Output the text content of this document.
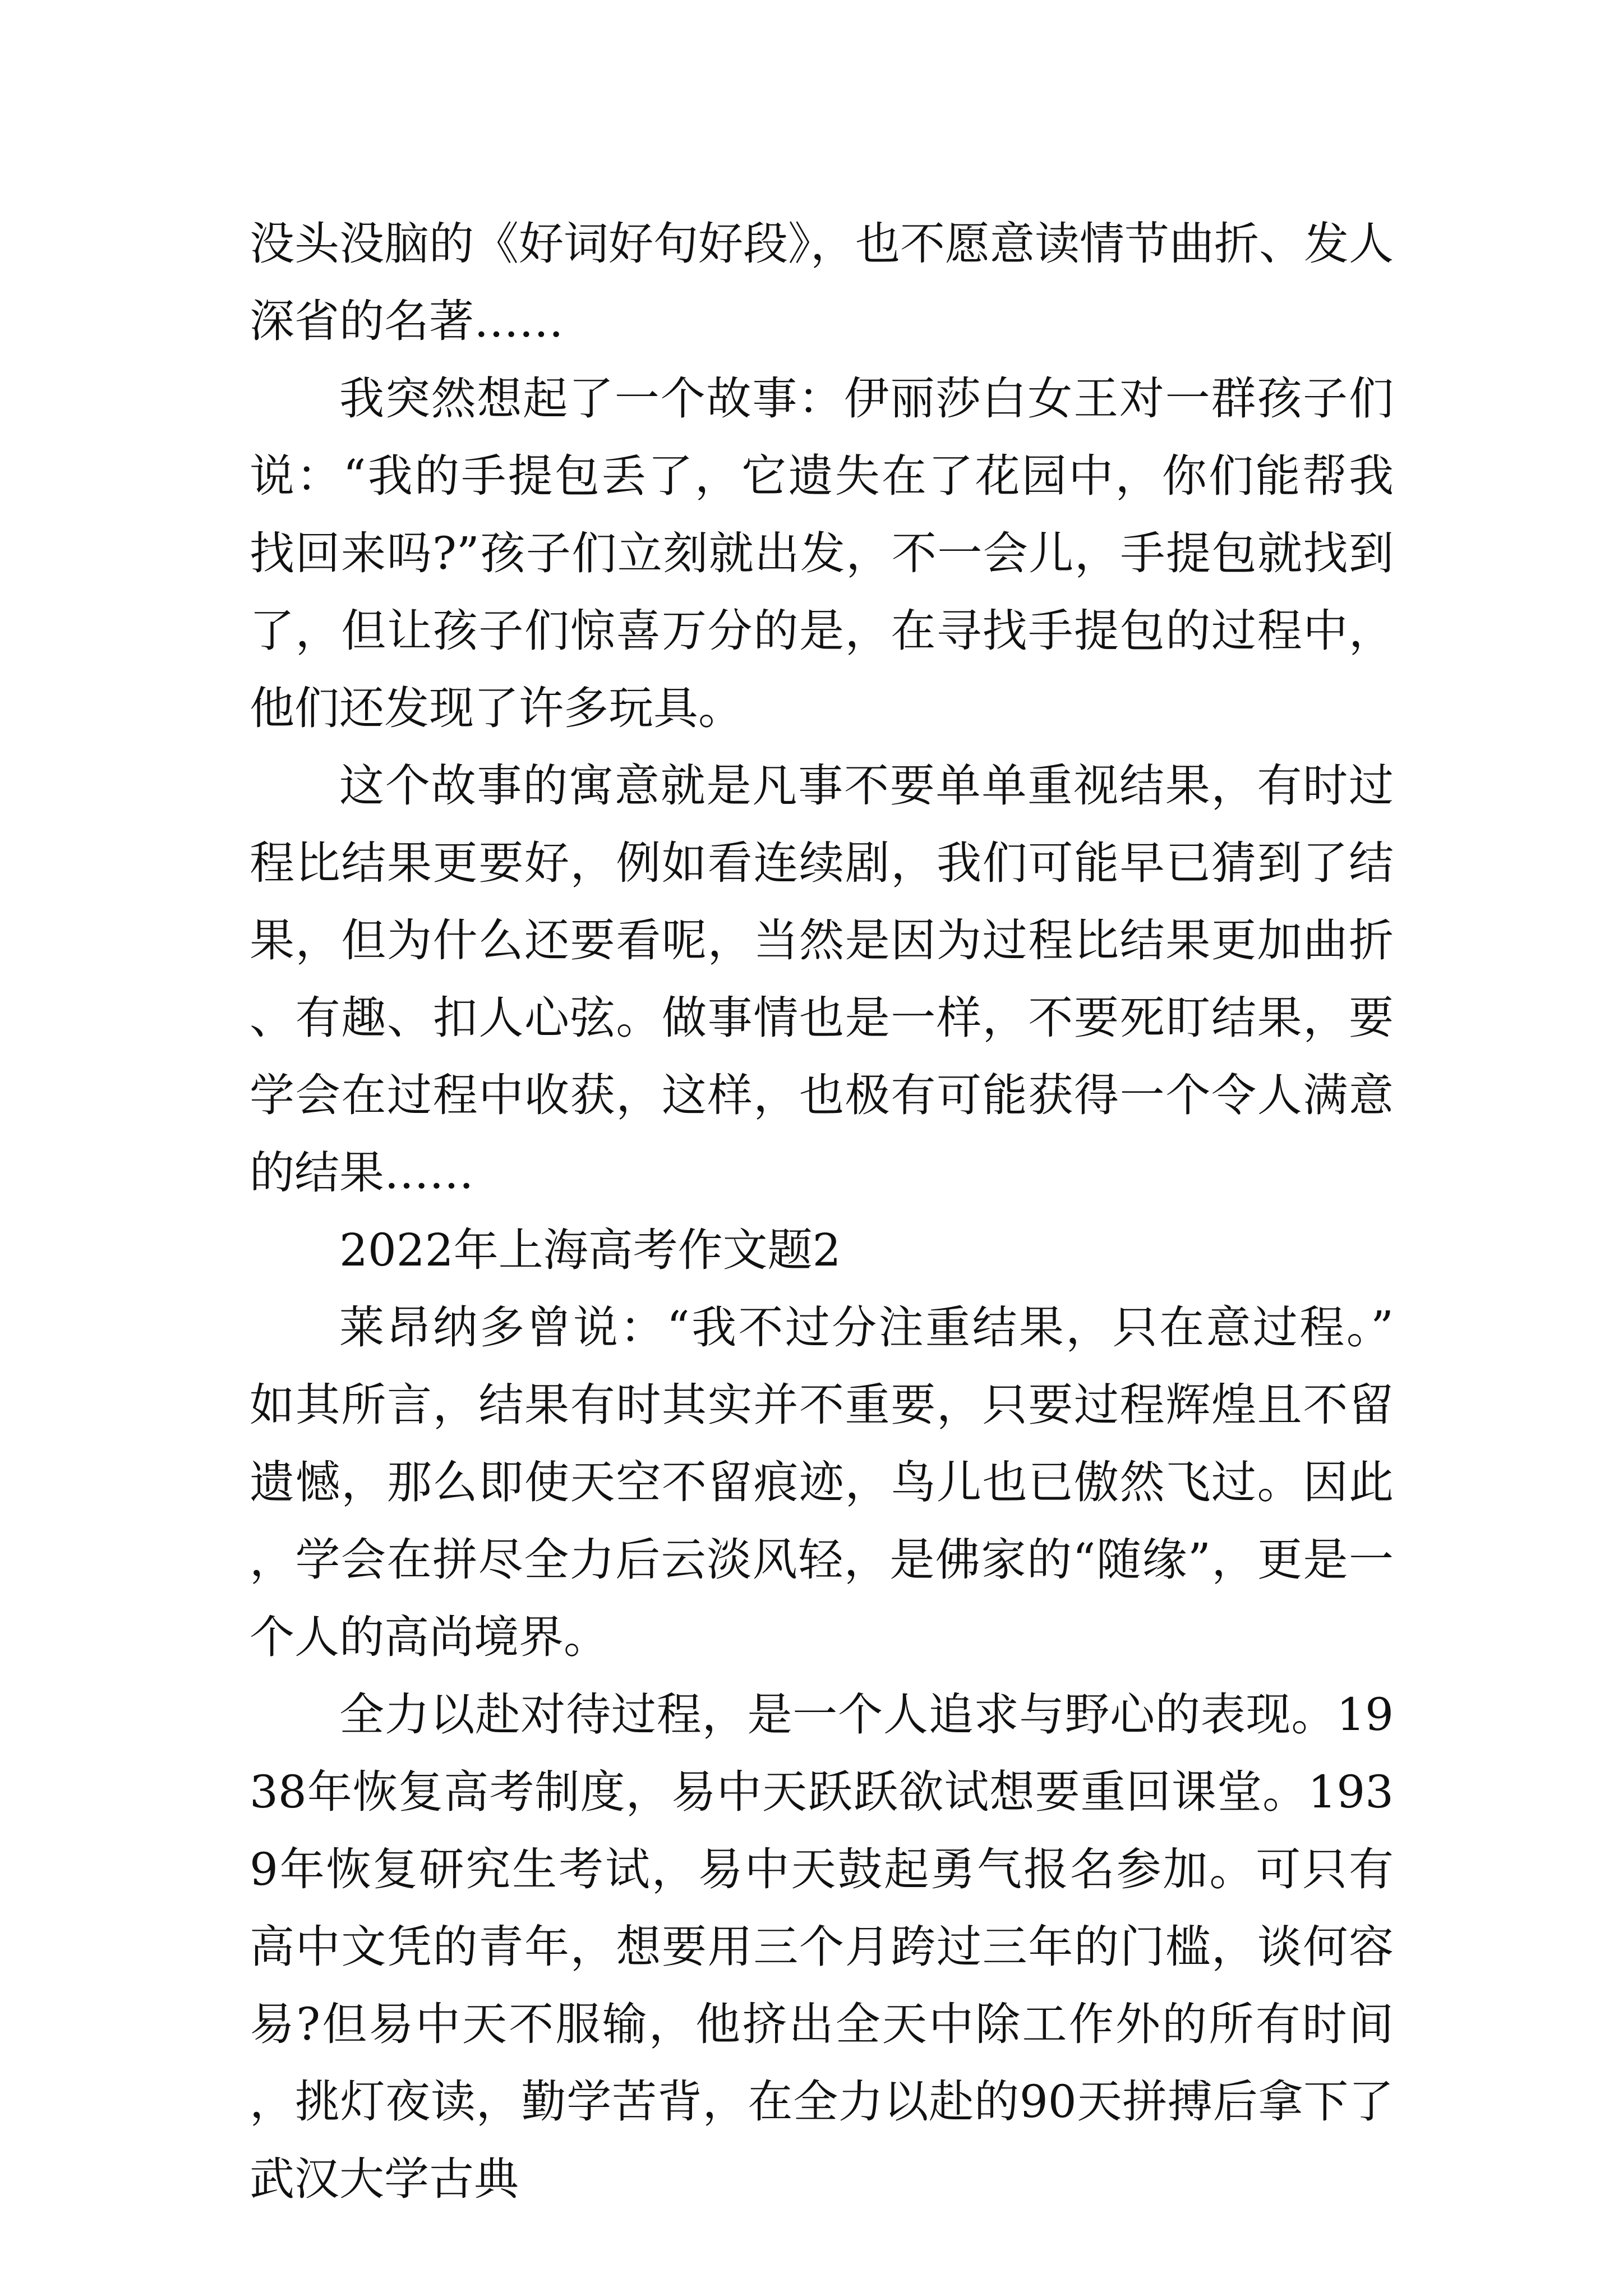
没头没脑的《好词好句好段》，也不愿意读情节曲折、发人深省的名著……

我突然想起了一个故事：伊丽莎白女王对一群孩子们说：“我的手提包丢了，它遗失在了花园中，你们能帮我找回来吗?”孩子们立刻就出发，不一会儿，手提包就找到了，但让孩子们惊喜万分的是，在寻找手提包的过程中，他们还发现了许多玩具。

这个故事的寓意就是凡事不要单单重视结果，有时过程比结果更要好，例如看连续剧，我们可能早已猜到了结果，但为什么还要看呢，当然是因为过程比结果更加曲折、有趣、扣人心弦。做事情也是一样，不要死盯结果，要学会在过程中收获，这样，也极有可能获得一个令人满意的结果……

2022年上海高考作文题2

莱昂纳多曾说：“我不过分注重结果，只在意过程。”如其所言，结果有时其实并不重要，只要过程辉煌且不留遗憾，那么即使天空不留痕迹，鸟儿也已傲然飞过。因此，学会在拼尽全力后云淡风轻，是佛家的“随缘”，更是一个人的高尚境界。

全力以赴对待过程，是一个人追求与野心的表现。1938年恢复高考制度，易中天跃跃欲试想要重回课堂。1939年恢复研究生考试，易中天鼓起勇气报名参加。可只有高中文凭的青年，想要用三个月跨过三年的门槛，谈何容易?但易中天不服输，他挤出全天中除工作外的所有时间，挑灯夜读，勤学苦背，在全力以赴的90天拼搏后拿下了武汉大学古典
